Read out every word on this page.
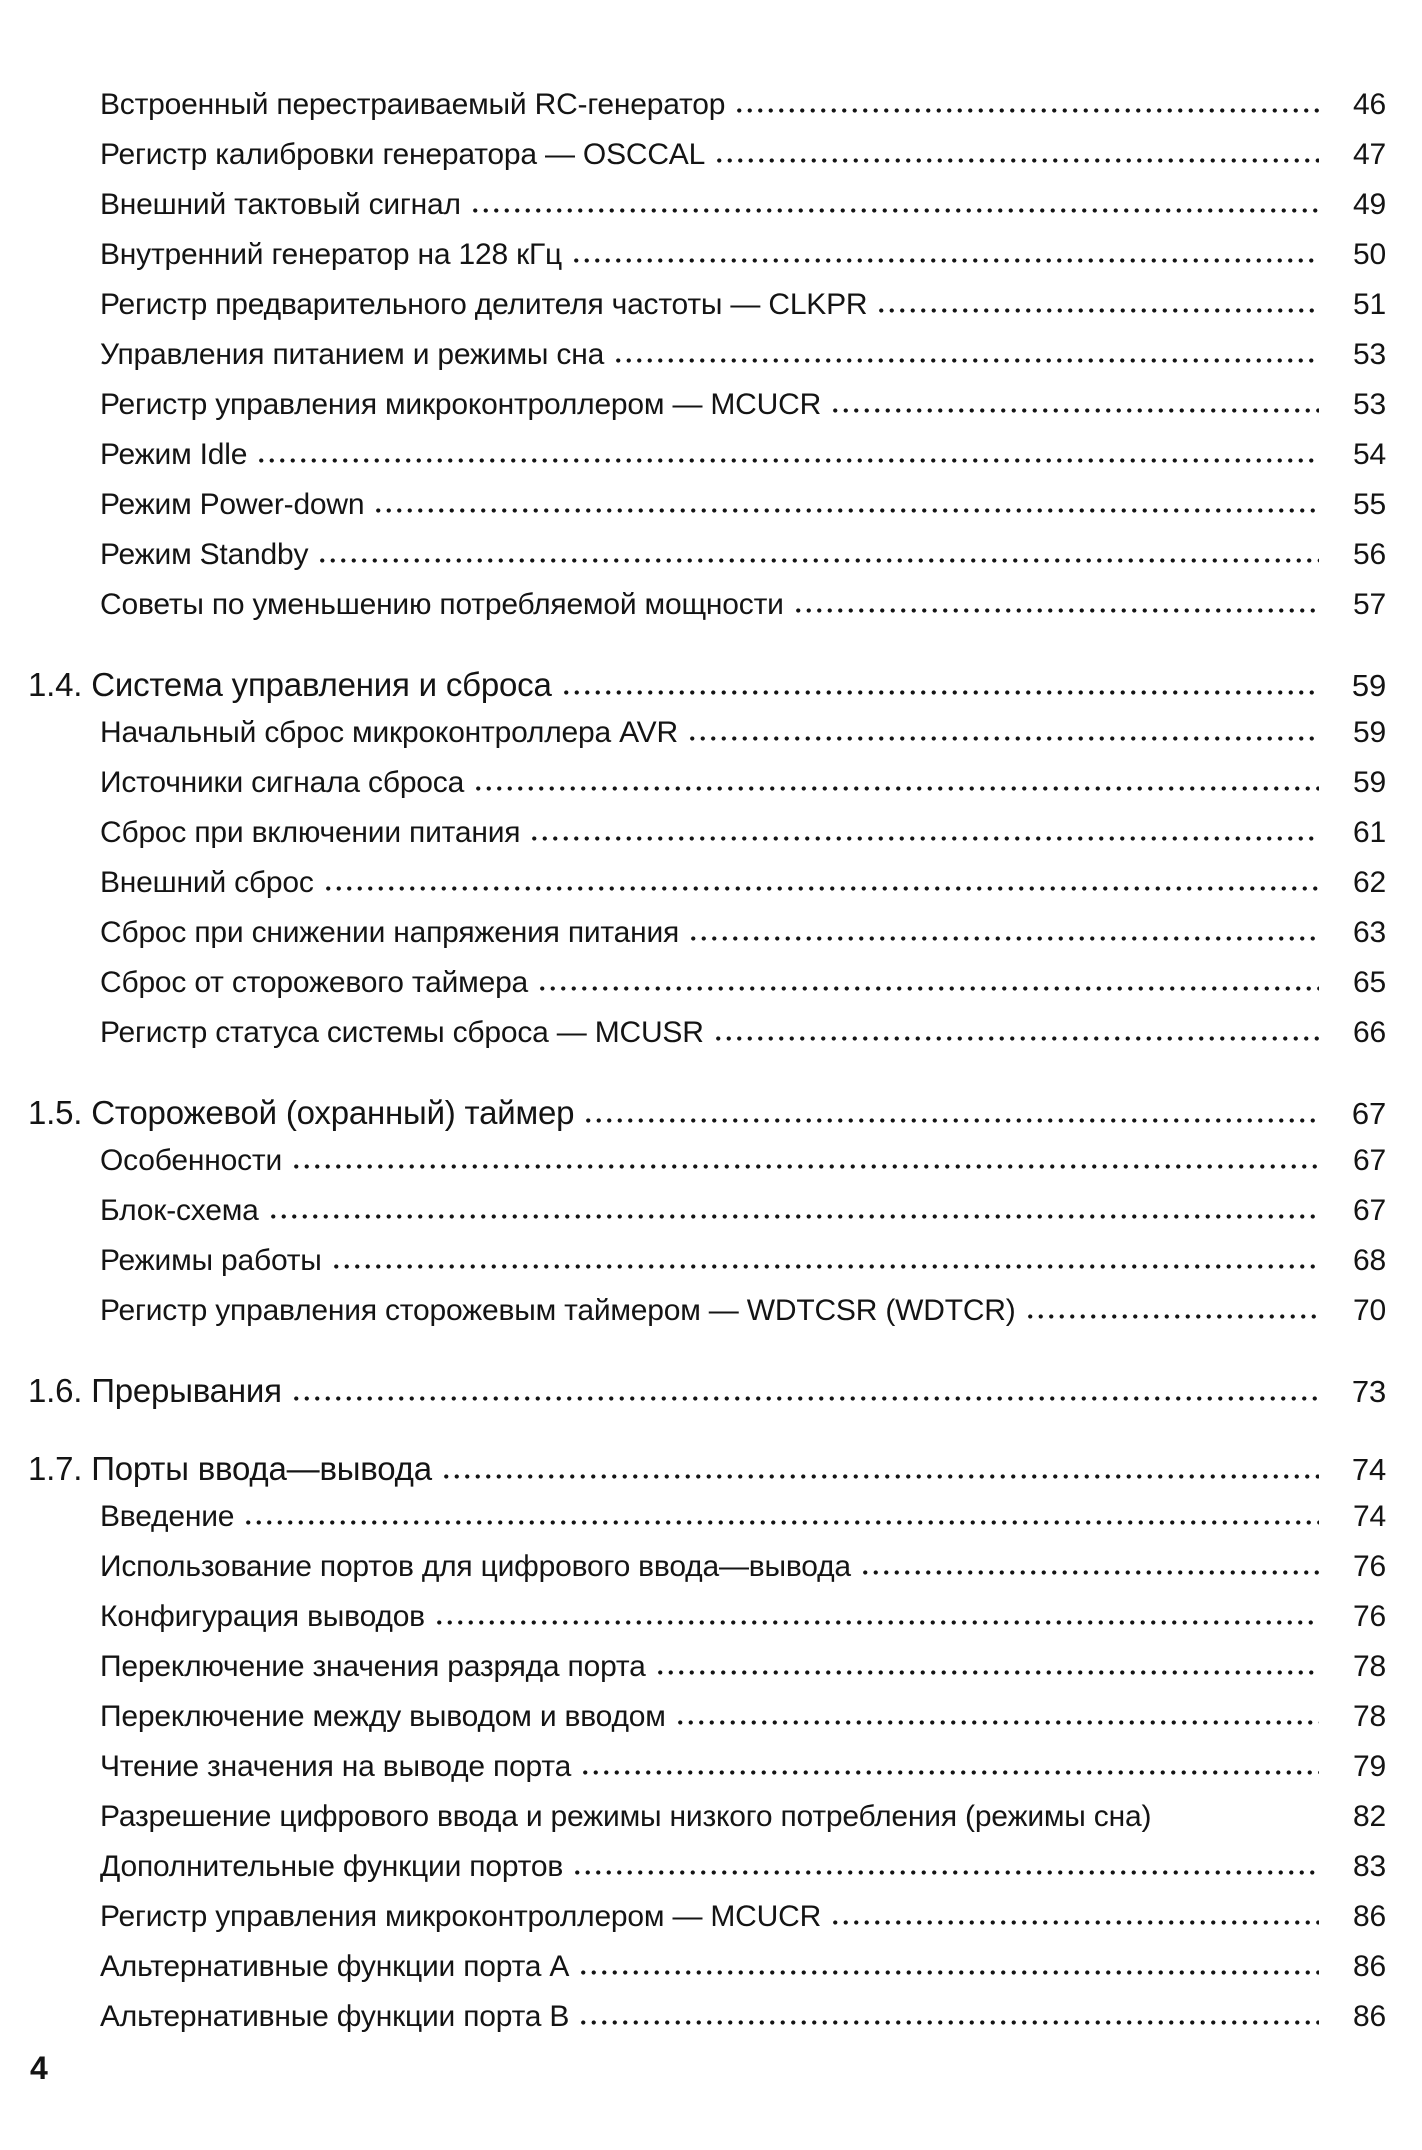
Встроенный перестраиваемый RC-генератор	46
Регистр калибровки генератора — OSCCAL	47
Внешний тактовый сигнал	49
Внутренний генератор на 128 кГц	50
Регистр предварительного делителя частоты — CLKPR	51
Управления питанием и режимы сна	53
Регистр управления микроконтроллером — MCUCR	53
Режим Idle	54
Режим Power-down	55
Режим Standby	56
Советы по уменьшению потребляемой мощности	57
1.4. Система управления и сброса	59
Начальный сброс микроконтроллера AVR	59
Источники сигнала сброса	59
Сброс при включении питания	61
Внешний сброс	62
Сброс при снижении напряжения питания	63
Сброс от сторожевого таймера	65
Регистр статуса системы сброса — MCUSR	66
1.5. Сторожевой (охранный) таймер	67
Особенности	67
Блок-схема	67
Режимы работы	68
Регистр управления сторожевым таймером — WDTCSR (WDTCR)	70
1.6. Прерывания	73
1.7. Порты ввода—вывода	74
Введение	74
Использование портов для цифрового ввода—вывода	76
Конфигурация выводов	76
Переключение значения разряда порта	78
Переключение между выводом и вводом	78
Чтение значения на выводе порта	79
Разрешение цифрового ввода и режимы низкого потребления (режимы сна)	82
Дополнительные функции портов	83
Регистр управления микроконтроллером — MCUCR	86
Альтернативные функции порта А	86
Альтернативные функции порта В	86
4
